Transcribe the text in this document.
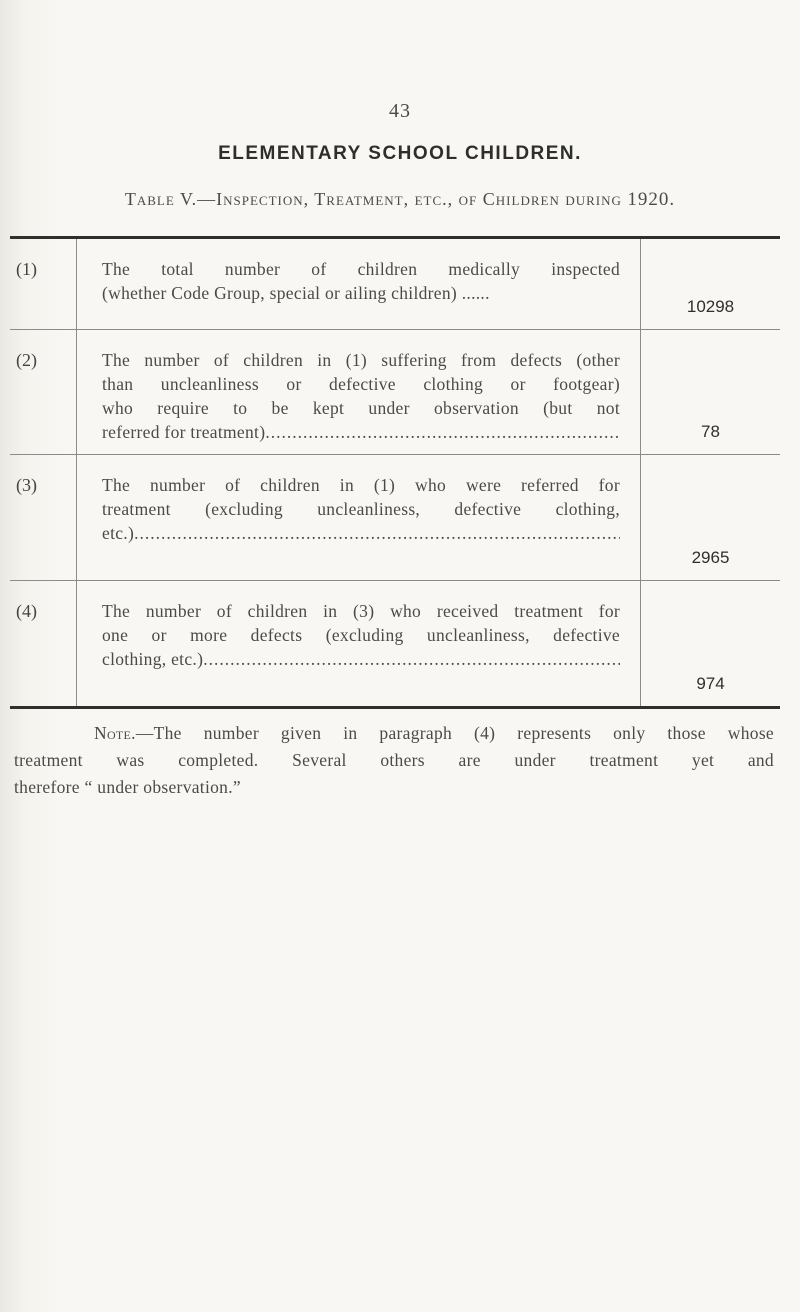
43
ELEMENTARY SCHOOL CHILDREN.
Table V.—Inspection, Treatment, etc., of Children during 1920.
(1)	The total number of children medically inspected
(whether Code Group, special or ailing children) ......
10298
(2)	The number of children in (1) suffering from defects (other
than uncleanliness or defective clothing or footgear)
who require to be kept under observation (but not
referred for treatment)
.....	78
(3)	The number of children in (1) who were referred for
treatment (excluding uncleanliness, defective clothing,
etc.)
.....
2965
(4)	The number of children in (3) who received treatment for
one or more defects (excluding uncleanliness, defective
clothing, etc.)
.....
974
Note.—The number given in paragraph (4) represents only those whose
treatment was completed. Several others are under treatment yet and
therefore “ under observation.”
